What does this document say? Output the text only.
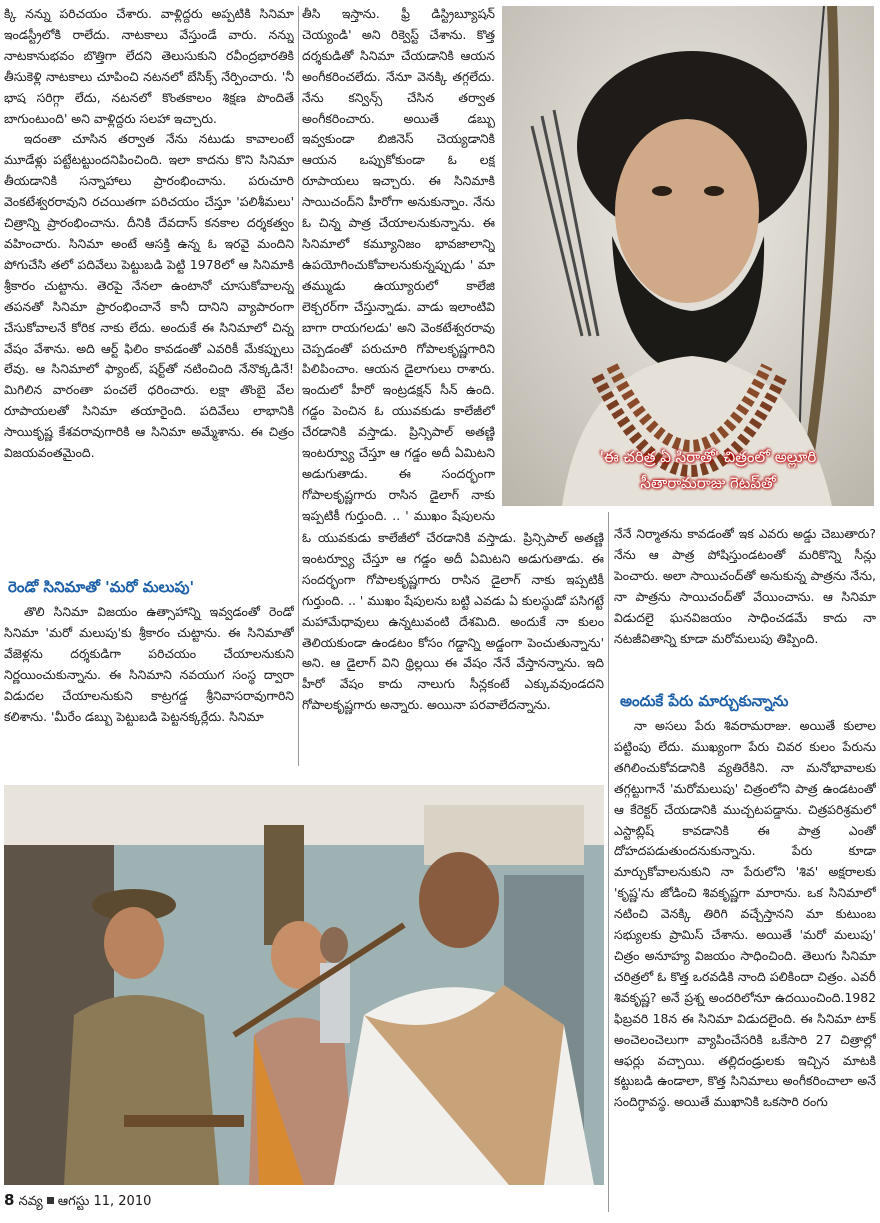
క్కి నన్ను పరిచయం చేశారు. వాళ్లిద్దరు అప్పటికి సినిమా ఇండస్ట్రీలోకి రాలేదు. నాటకాలు వేస్తుండే వారు. నన్ను నాటకానుభవం బొత్తిగా లేదని తెలుసుకుని రవీంద్రభారతికి తీసుకెళ్లి నాటకాలు చూపించి నటనలో బేసిక్స్ నేర్పించారు. 'నీ భాష సరిగ్గా లేదు, నటనలో కొంతకాలం శిక్షణ పొందితే బాగుంటుంది' అని వాళ్లిద్దరు సలహా ఇచ్చారు.

ఇదంతా చూసిన తర్వాత నేను నటుడు కావాలంటే మూడేళ్లు పట్టేటట్టుందనిపించింది. ఇలా కాదను కొని సినిమా తీయడానికి సన్నాహాలు ప్రారంభించాను. పరుచూరి వెంకటేశ్వరరావుని రచయితగా పరిచయం చేస్తూ 'పలిశీమలు' చిత్రాన్ని ప్రారంభించాను. దీనికి దేవదాస్ కనకాల దర్శకత్వం వహించారు. సినిమా అంటే ఆసక్తి ఉన్న ఓ ఇరవై మందిని పోగుచేసి తలో పదివేలు పెట్టుబడి పెట్టి 1978లో ఆ సినిమాకి శ్రీకారం చుట్టాను. తెరపై నేనలా ఉంటానో చూసుకోవాలన్న తపనతో సినిమా ప్రారంభించానే కానీ దానిని వ్యాపారంగా చేసుకోవాలనే కోరిక నాకు లేదు. అందుకే ఈ సినిమాలో చిన్న వేషం వేశాను. అది ఆర్ట్ ఫిలిం కావడంతో ఎవరికీ మేకప్పులు లేవు. ఆ సినిమాలో ఫ్యాంట్, షర్ట్‌తో నటించింది నేనొక్కడినే! మిగిలిన వారంతా పంచలే ధరించారు. లక్షా తొంబై వేల రూపాయలతో సినిమా తయారైంది. పదివేలు లాభానికి సాయికృష్ణ కేశవరావుగారికి ఆ సినిమా అమ్మేశాను. ఈ చిత్రం విజయవంతమైంది.

రెండో సినిమాతో 'మరో మలుపు'

తొలి సినిమా విజయం ఉత్సాహాన్ని ఇవ్వడంతో రెండో సినిమా 'మరో మలుపు'కు శ్రీకారం చుట్టాను. ఈ సినిమాతో వేజెళ్లను దర్శకుడిగా పరిచయం చేయాలనుకుని నిర్ణయించుకున్నాను. ఈ సినిమాని నవయుగ సంస్థ ద్వారా విడుదల చేయాలనుకుని కాట్రగడ్డ శ్రీనివాసరావుగారిని కలిశాను. 'మీరేం డబ్బు పెట్టుబడి పెట్టనక్కర్లేదు. సినిమా

తీసి ఇస్తాను. ఫ్రీ డిస్ట్రిబ్యూషన్ చెయ్యండి' అని రిక్వెస్ట్ చేశాను. కొత్త దర్శకుడితో సినిమా చేయడానికి ఆయన అంగీకరించలేదు. నేనూ వెనక్కి తగ్గలేదు. నేను కన్విన్స్ చేసిన తర్వాత అంగీకరించారు. అయితే డబ్బు ఇవ్వకుండా బిజినెస్ చెయ్యడానికి ఆయన ఒప్పుకోకుండా ఓ లక్ష రూపాయలు ఇచ్చారు. ఈ సినిమాకి సాయిచంద్‌ని హీరోగా అనుకున్నాం. నేను ఓ చిన్న పాత్ర చేయాలనుకున్నాను. ఈ సినిమాలో కమ్యూనిజం భావజాలాన్ని ఉపయోగించుకోవాలనుకున్నప్పుడు ' మా తమ్ముడు ఉయ్యూరులో కాలేజి లెక్చరర్‌గా చేస్తున్నాడు. వాడు ఇలాంటివి బాగా రాయగలడు' అని వెంకటేశ్వరరావు చెప్పడంతో పరుచూరి గోపాలకృష్ణగారిని పిలిపించాం. ఆయన డైలాగులు రాశారు. ఇందులో హీరో ఇంట్రడక్షన్ సీన్ ఉంది. గడ్డం పెంచిన ఓ యువకుడు కాలేజీలో చేరడానికి వస్తాడు. ప్రిన్సిపాల్ అతణ్ణి ఇంటర్వ్యూ చేస్తూ ఆ గడ్డం అదీ ఏమిటని అడుగుతాడు. ఈ సందర్భంగా గోపాలకృష్ణగారు రాసిన డైలాగ్ నాకు ఇప్పటికీ గుర్తుంది. .. ' ముఖం షేపులను

'ఈ చరిత్ర ఏ సిరాతో' చిత్రంలో అల్లూరి సీతారామరాజు గెటప్‌తో

ఓ యువకుడు కాలేజీలో చేరడానికి వస్తాడు. ప్రిన్సిపాల్ అతణ్ణి ఇంటర్వ్యూ చేస్తూ ఆ గడ్డం అదీ ఏమిటని అడుగుతాడు. ఈ సందర్భంగా గోపాలకృష్ణగారు రాసిన డైలాగ్ నాకు ఇప్పటికీ గుర్తుంది. .. ' ముఖం షేపులను బట్టి ఎవడు ఏ కులస్థుడో పసిగట్టే మహామేధావులు ఉన్నటువంటి దేశమిది. అందుకే నా కులం తెలియకుండా ఉండటం కోసం గడ్డాన్ని అడ్డంగా పెంచుతున్నాను' అని. ఆ డైలాగ్ విని థ్రిల్లయి ఈ వేషం నేనే వేస్తానన్నాను. ఇది హీరో వేషం కాదు నాలుగు సీన్లకంటే ఎక్కువవుండదని గోపాలకృష్ణగారు అన్నారు. అయినా పరవాలేదన్నాను.

నేనే నిర్మాతను కావడంతో ఇక ఎవరు అడ్డు చెబుతారు? నేను ఆ పాత్ర పోషిస్తుండటంతో మరికొన్ని సీన్లు పెంచారు. అలా సాయిచంద్‌తో అనుకున్న పాత్రను నేను, నా పాత్రను సాయిచంద్‌తో వేయించాను. ఆ సినిమా విడుదలై ఘనవిజయం సాధించడమే కాదు నా నటజీవితాన్ని కూడా మరోమలుపు తిప్పింది.

అందుకే పేరు మార్చుకున్నాను

నా అసలు పేరు శివరామరాజు. అయితే కులాల పట్టింపు లేదు. ముఖ్యంగా పేరు చివర కులం పేరును తగిలించుకోవడానికి వ్యతిరేకిని. నా మనోభావాలకు తగ్గట్టుగానే 'మరోమలుపు' చిత్రంలోని పాత్ర ఉండటంతో ఆ కేరెక్టర్ చేయడానికి ముచ్చటపడ్డాను. చిత్రపరిశ్రమలో ఎస్టాబ్లిష్ కావడానికి ఈ పాత్ర ఎంతో దోహదపడుతుందనుకున్నాను. పేరు కూడా మార్చుకోవాలనుకుని నా పేరులోని 'శివ' అక్షరాలకు 'కృష్ణ'ను జోడించి శివకృష్ణగా మారాను. ఒక సినిమాలో నటించి వెనక్కి తిరిగి వచ్చేస్తానని మా కుటుంబ సభ్యులకు ప్రామిస్ చేశాను. అయితే 'మరో మలుపు' చిత్రం అనూహ్య విజయం సాధించింది. తెలుగు సినిమా చరిత్రలో ఓ కొత్త ఒరవడికి నాంది పలికిందా చిత్రం. ఎవరీ శివకృష్ణ? అనే ప్రశ్న అందరిలోనూ ఉదయించింది.1982 ఫిబ్రవరి 18న ఈ సినిమా విడుదలైంది. ఈ సినిమా టాక్ అంచెలంచెలుగా వ్యాపించేసరికి ఒకేసారి 27 చిత్రాల్లో ఆఫర్లు వచ్చాయి. తల్లిదండ్రులకు ఇచ్చిన మాటకి కట్టుబడి ఉండాలా, కొత్త సినిమాలు అంగీకరించాలా అనే సందిగ్ధావస్థ. అయితే ముఖానికి ఒకసారి రంగు

8 నవ్య ఆగస్టు 11, 2010
